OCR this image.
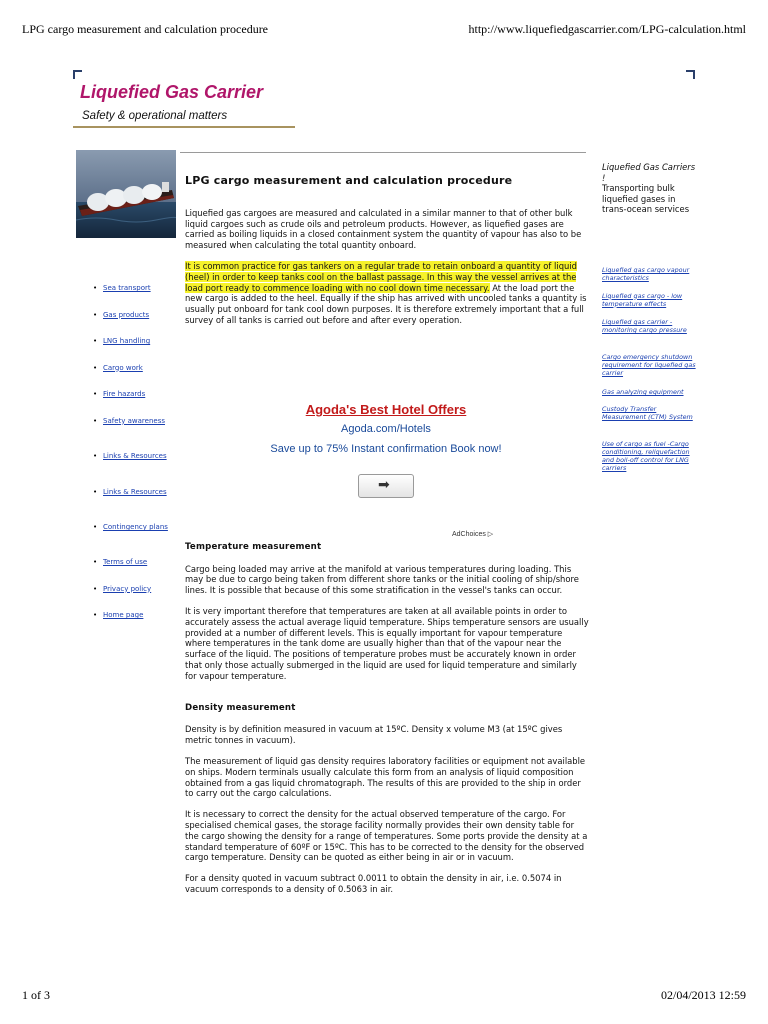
LPG cargo measurement and calculation procedure	http://www.liquefiedgascarrier.com/LPG-calculation.html
Liquefied Gas Carrier
Safety & operational matters
• Sea transport
• Gas products
• LNG handling
• Cargo work
• Fire hazards
• Safety awareness
• Links & Resources
• Links & Resources
• Contingency plans
• Terms of use
• Privacy policy
• Home page
LPG cargo measurement and calculation procedure

Liquefied gas cargoes are measured and calculated in a similar manner to that of other bulk liquid cargoes such as crude oils and petroleum products. However, as liquefied gases are carried as boiling liquids in a closed containment system the quantity of vapour has also to be measured when calculating the total quantity onboard.

It is common practice for gas tankers on a regular trade to retain onboard a quantity of liquid (heel) in order to keep tanks cool on the ballast passage. In this way the vessel arrives at the load port ready to commence loading with no cool down time necessary. At the load port the new cargo is added to the heel. Equally if the ship has arrived with uncooled tanks a quantity is usually put onboard for tank cool down purposes. It is therefore extremely important that a full survey of all tanks is carried out before and after every operation.

Temperature measurement

Cargo being loaded may arrive at the manifold at various temperatures during loading. This may be due to cargo being taken from different shore tanks or the initial cooling of ship/shore lines. It is possible that because of this some stratification in the vessel's tanks can occur.

It is very important therefore that temperatures are taken at all available points in order to accurately assess the actual average liquid temperature. Ships temperature sensors are usually provided at a number of different levels. This is equally important for vapour temperature where temperatures in the tank dome are usually higher than that of the vapour near the surface of the liquid. The positions of temperature probes must be accurately known in order that only those actually submerged in the liquid are used for liquid temperature and similarly for vapour temperature.

Density measurement

Density is by definition measured in vacuum at 15ºC. Density x volume M3 (at 15ºC gives metric tonnes in vacuum).

The measurement of liquid gas density requires laboratory facilities or equipment not available on ships. Modern terminals usually calculate this form from an analysis of liquid composition obtained from a gas liquid chromatograph. The results of this are provided to the ship in order to carry out the cargo calculations.

It is necessary to correct the density for the actual observed temperature of the cargo. For specialised chemical gases, the storage facility normally provides their own density table for the cargo showing the density for a range of temperatures. Some ports provide the density at a standard temperature of 60ºF or 15ºC. This has to be corrected to the density for the observed cargo temperature. Density can be quoted as either being in air or in vacuum.

For a density quoted in vacuum subtract 0.0011 to obtain the density in air, i.e. 0.5074 in vacuum corresponds to a density of 0.5063 in air.

Agoda's Best Hotel Offers
Agoda.com/Hotels
Save up to 75% Instant confirmation Book now!
➡
AdChoices ▷
Liquefied Gas Carriers !
Transporting bulk liquefied gases in trans-ocean services
Liquefied gas cargo vapour characteristics
Liquefied gas cargo - low temperature effects
Liquefied gas carrier -monitoring cargo pressure
Cargo emergency shutdown requirement for liquefied gas carrier
Gas analyzing equipment
Custody Transfer Measurement (CTM) System
Use of cargo as fuel -Cargo conditioning, reliquefaction and boil-off control for LNG carriers
1 of 3	02/04/2013 12:59
